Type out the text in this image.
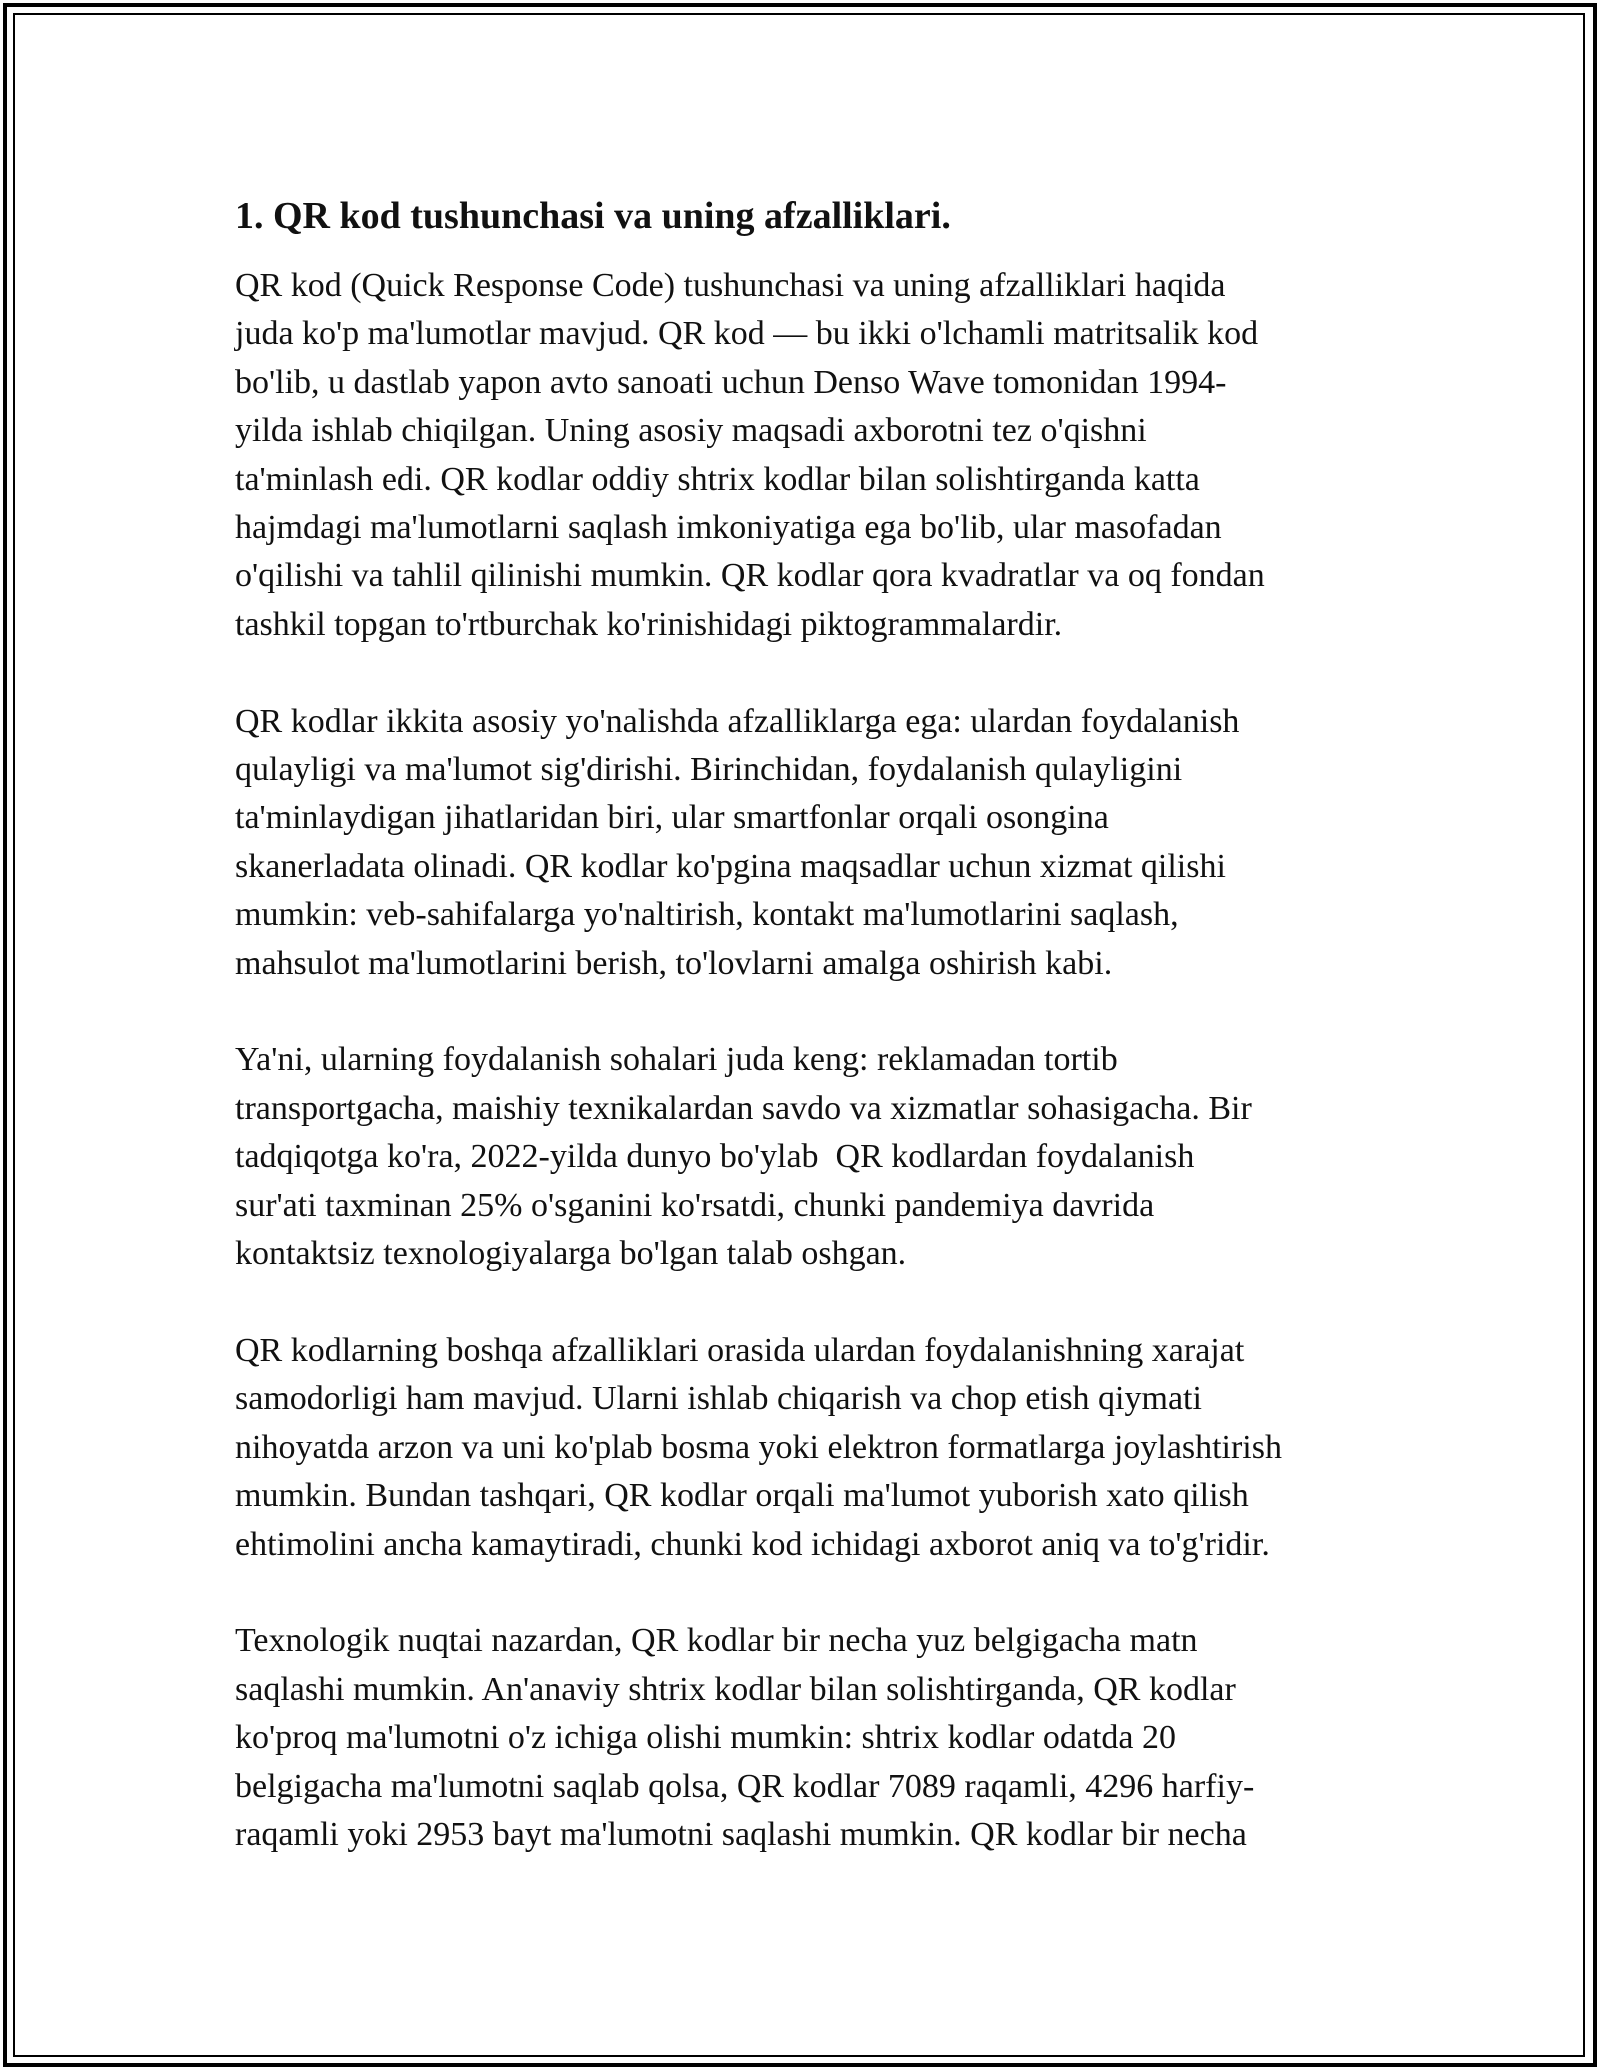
1. QR kod tushunchasi va uning afzalliklari.

QR kod (Quick Response Code) tushunchasi va uning afzalliklari haqida
juda ko'p ma'lumotlar mavjud. QR kod — bu ikki o'lchamli matritsalik kod
bo'lib, u dastlab yapon avto sanoati uchun Denso Wave tomonidan 1994-
yilda ishlab chiqilgan. Uning asosiy maqsadi axborotni tez o'qishni
ta'minlash edi. QR kodlar oddiy shtrix kodlar bilan solishtirganda katta
hajmdagi ma'lumotlarni saqlash imkoniyatiga ega bo'lib, ular masofadan
o'qilishi va tahlil qilinishi mumkin. QR kodlar qora kvadratlar va oq fondan
tashkil topgan to'rtburchak ko'rinishidagi piktogrammalardir.

QR kodlar ikkita asosiy yo'nalishda afzalliklarga ega: ulardan foydalanish
qulayligi va ma'lumot sig'dirishi. Birinchidan, foydalanish qulayligini
ta'minlaydigan jihatlaridan biri, ular smartfonlar orqali osongina
skanerladata olinadi. QR kodlar ko'pgina maqsadlar uchun xizmat qilishi
mumkin: veb-sahifalarga yo'naltirish, kontakt ma'lumotlarini saqlash,
mahsulot ma'lumotlarini berish, to'lovlarni amalga oshirish kabi.

Ya'ni, ularning foydalanish sohalari juda keng: reklamadan tortib
transportgacha, maishiy texnikalardan savdo va xizmatlar sohasigacha. Bir
tadqiqotga ko'ra, 2022-yilda dunyo bo'ylab  QR kodlardan foydalanish
sur'ati taxminan 25% o'sganini ko'rsatdi, chunki pandemiya davrida
kontaktsiz texnologiyalarga bo'lgan talab oshgan.

QR kodlarning boshqa afzalliklari orasida ulardan foydalanishning xarajat
samodorligi ham mavjud. Ularni ishlab chiqarish va chop etish qiymati
nihoyatda arzon va uni ko'plab bosma yoki elektron formatlarga joylashtirish
mumkin. Bundan tashqari, QR kodlar orqali ma'lumot yuborish xato qilish
ehtimolini ancha kamaytiradi, chunki kod ichidagi axborot aniq va to'g'ridir.

Texnologik nuqtai nazardan, QR kodlar bir necha yuz belgigacha matn
saqlashi mumkin. An'anaviy shtrix kodlar bilan solishtirganda, QR kodlar
ko'proq ma'lumotni o'z ichiga olishi mumkin: shtrix kodlar odatda 20
belgigacha ma'lumotni saqlab qolsa, QR kodlar 7089 raqamli, 4296 harfiy-
raqamli yoki 2953 bayt ma'lumotni saqlashi mumkin. QR kodlar bir necha
